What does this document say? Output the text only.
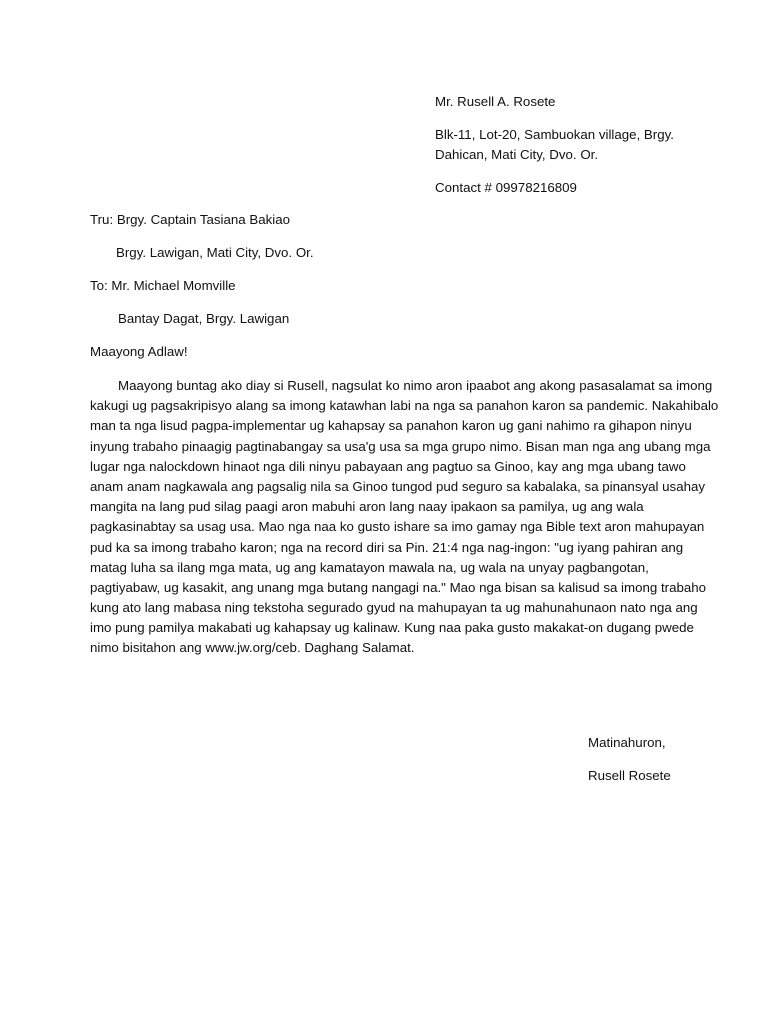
Mr. Rusell A. Rosete
Blk-11, Lot-20, Sambuokan village, Brgy.
Dahican, Mati City, Dvo. Or.
Contact # 09978216809
Tru: Brgy. Captain Tasiana Bakiao
Brgy. Lawigan, Mati City, Dvo. Or.
To: Mr. Michael Momville
Bantay Dagat, Brgy. Lawigan
Maayong Adlaw!
Maayong buntag ako diay si Rusell, nagsulat ko nimo aron ipaabot ang akong pasasalamat sa imong
kakugi ug pagsakripisyo alang sa imong katawhan labi na nga sa panahon karon sa pandemic. Nakahibalo
man ta nga lisud pagpa-implementar ug kahapsay sa panahon karon ug gani nahimo ra gihapon ninyu
inyung trabaho pinaagig pagtinabangay sa usa'g usa sa mga grupo nimo. Bisan man nga ang ubang mga
lugar nga nalockdown hinaot nga dili ninyu pabayaan ang pagtuo sa Ginoo, kay ang mga ubang tawo
anam anam nagkawala ang pagsalig nila sa Ginoo tungod pud seguro sa kabalaka, sa pinansyal usahay
mangita na lang pud silag paagi aron mabuhi aron lang naay ipakaon sa pamilya, ug ang wala
pagkasinabtay sa usag usa. Mao nga naa ko gusto ishare sa imo gamay nga Bible text aron mahupayan
pud ka sa imong trabaho karon; nga na record diri sa Pin. 21:4 nga nag-ingon: "ug iyang pahiran ang
matag luha sa ilang mga mata, ug ang kamatayon mawala na, ug wala na unyay pagbangotan,
pagtiyabaw, ug kasakit, ang unang mga butang nangagi na." Mao nga bisan sa kalisud sa imong trabaho
kung ato lang mabasa ning tekstoha segurado gyud na mahupayan ta ug mahunahunaon nato nga ang
imo pung pamilya makabati ug kahapsay ug kalinaw. Kung naa paka gusto makakat-on dugang pwede
nimo bisitahon ang www.jw.org/ceb. Daghang Salamat.
Matinahuron,
Rusell Rosete
